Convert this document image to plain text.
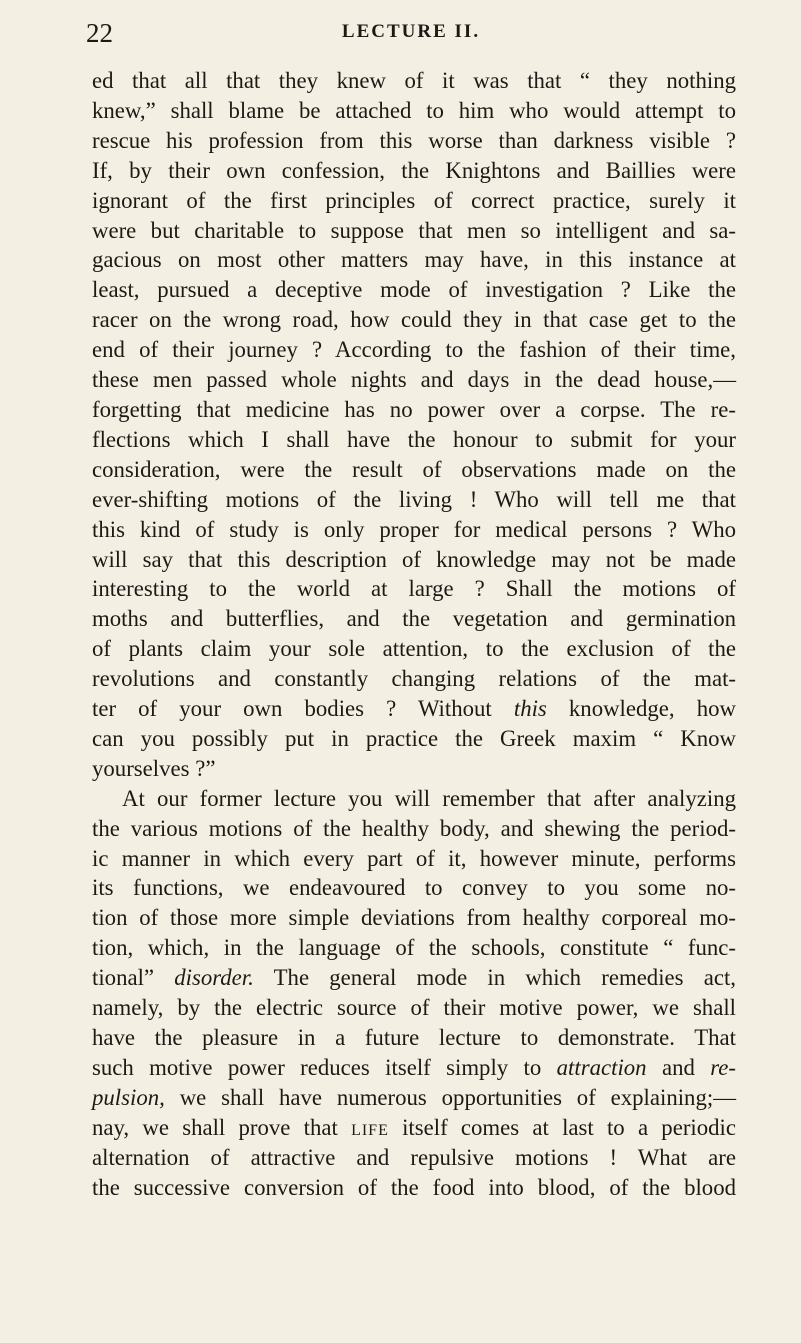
22	LECTURE II.
ed that all that they knew of it was that “ they nothing
knew,” shall blame be attached to him who would attempt to
rescue his profession from this worse than darkness visible ?
If, by their own confession, the Knightons and Baillies were
ignorant of the first principles of correct practice, surely it
were but charitable to suppose that men so intelligent and sa-
gacious on most other matters may have, in this instance at
least, pursued a deceptive mode of investigation ? Like the
racer on the wrong road, how could they in that case get to the
end of their journey ? According to the fashion of their time,
these men passed whole nights and days in the dead house,—
forgetting that medicine has no power over a corpse. The re-
flections which I shall have the honour to submit for your
consideration, were the result of observations made on the
ever-shifting motions of the living ! Who will tell me that
this kind of study is only proper for medical persons ? Who
will say that this description of knowledge may not be made
interesting to the world at large ? Shall the motions of
moths and butterflies, and the vegetation and germination
of plants claim your sole attention, to the exclusion of the
revolutions and constantly changing relations of the mat-
ter of your own bodies ? Without this knowledge, how
can you possibly put in practice the Greek maxim “ Know
yourselves ?”
At our former lecture you will remember that after analyzing
the various motions of the healthy body, and shewing the period-
ic manner in which every part of it, however minute, performs
its functions, we endeavoured to convey to you some no-
tion of those more simple deviations from healthy corporeal mo-
tion, which, in the language of the schools, constitute “ func-
tional” disorder. The general mode in which remedies act,
namely, by the electric source of their motive power, we shall
have the pleasure in a future lecture to demonstrate. That
such motive power reduces itself simply to attraction and re-
pulsion, we shall have numerous opportunities of explaining;—
nay, we shall prove that life itself comes at last to a periodic
alternation of attractive and repulsive motions ! What are
the successive conversion of the food into blood, of the blood
